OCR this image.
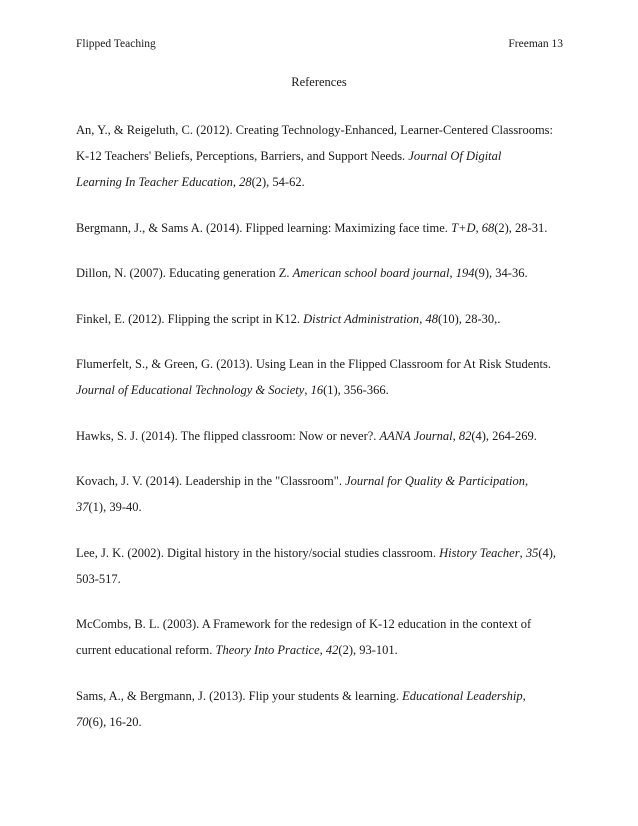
Flipped Teaching	Freeman 13
References
An, Y., & Reigeluth, C. (2012). Creating Technology-Enhanced, Learner-Centered Classrooms:
K-12 Teachers' Beliefs, Perceptions, Barriers, and Support Needs. Journal Of Digital
Learning In Teacher Education, 28(2), 54-62.
Bergmann, J., & Sams A. (2014). Flipped learning: Maximizing face time. T+D, 68(2), 28-31.
Dillon, N. (2007). Educating generation Z. American school board journal, 194(9), 34-36.
Finkel, E. (2012). Flipping the script in K12. District Administration, 48(10), 28-30,.
Flumerfelt, S., & Green, G. (2013). Using Lean in the Flipped Classroom for At Risk Students.
Journal of Educational Technology & Society, 16(1), 356-366.
Hawks, S. J. (2014). The flipped classroom: Now or never?. AANA Journal, 82(4), 264-269.
Kovach, J. V. (2014). Leadership in the "Classroom". Journal for Quality & Participation,
37(1), 39-40.
Lee, J. K. (2002). Digital history in the history/social studies classroom. History Teacher, 35(4),
503-517.
McCombs, B. L. (2003). A Framework for the redesign of K-12 education in the context of
current educational reform. Theory Into Practice, 42(2), 93-101.
Sams, A., & Bergmann, J. (2013). Flip your students & learning. Educational Leadership,
70(6), 16-20.
